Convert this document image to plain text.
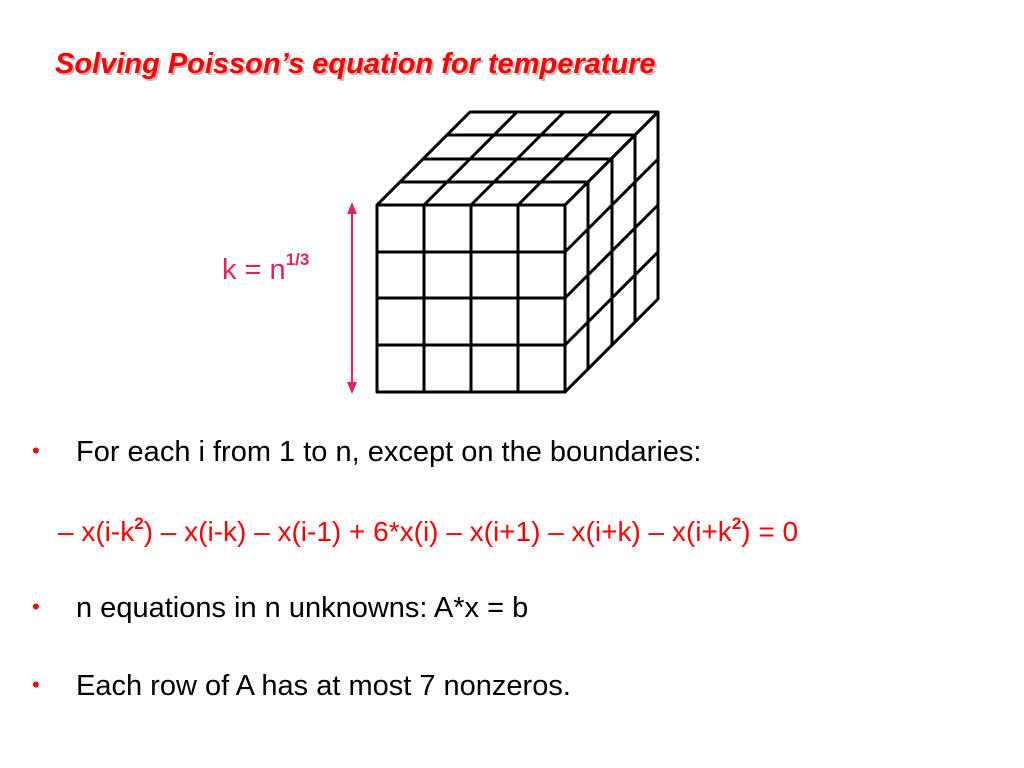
Solving Poisson’s equation for temperature
$k = n^{1/3}$
•	For each i from 1 to n, except on the boundaries:
– $x(i-k^2) - x(i-k) - x(i-1) + 6*x(i) - x(i+1) - x(i+k) - x(i+k^2) = 0$
•	n equations in n unknowns: A*x = b
•	Each row of A has at most 7 nonzeros.
